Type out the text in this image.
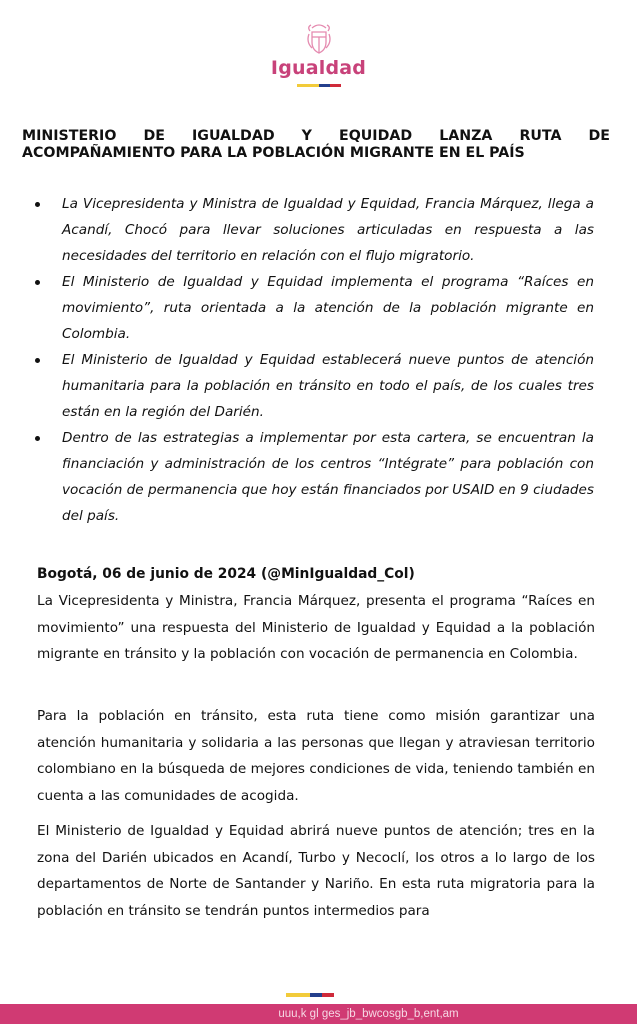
Igualdad
MINISTERIO DE IGUALDAD Y EQUIDAD LANZA RUTA DE
ACOMPAÑAMIENTO PARA LA POBLACIÓN MIGRANTE EN EL PAÍS
La Vicepresidenta y Ministra de Igualdad y Equidad, Francia Márquez, llega a Acandí, Chocó para llevar soluciones articuladas en respuesta a las necesidades del territorio en relación con el flujo migratorio.
El Ministerio de Igualdad y Equidad implementa el programa “Raíces en movimiento”, ruta orientada a la atención de la población migrante en Colombia.
El Ministerio de Igualdad y Equidad establecerá nueve puntos de atención humanitaria para la población en tránsito en todo el país, de los cuales tres están en la región del Darién.
Dentro de las estrategias a implementar por esta cartera, se encuentran la financiación y administración de los centros “Intégrate” para población con vocación de permanencia que hoy están financiados por USAID en 9 ciudades del país.
Bogotá, 06 de junio de 2024 (@MinIgualdad_Col)

La Vicepresidenta y Ministra, Francia Márquez, presenta el programa “Raíces en movimiento” una respuesta del Ministerio de Igualdad y Equidad a la población migrante en tránsito y la población con vocación de permanencia en Colombia.

Para la población en tránsito, esta ruta tiene como misión garantizar una atención humanitaria y solidaria a las personas que llegan y atraviesan territorio colombiano en la búsqueda de mejores condiciones de vida, teniendo también en cuenta a las comunidades de acogida.

El Ministerio de Igualdad y Equidad abrirá nueve puntos de atención; tres en la zona del Darién ubicados en Acandí, Turbo y Necoclí, los otros a lo largo de los departamentos de Norte de Santander y Nariño. En esta ruta migratoria para la población en tránsito se tendrán puntos intermedios para

uuu,k gl ges_jb_bwcosgb_b,ent,am
